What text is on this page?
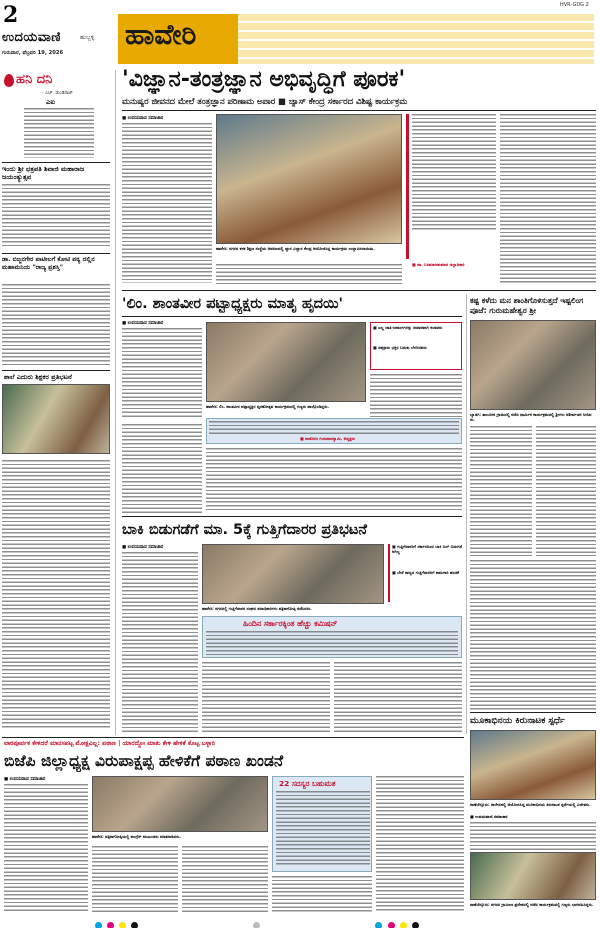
2
ಉದಯವಾಣಿ	ಹುಬ್ಬಳ್ಳಿ
ಗುರುವಾರ, ಫೆಬ್ರವರಿ 19, 2026
ಹಾವೇರಿ
HVR-GDG 2
ಹನಿ ದನಿ
- ಎಚ್. ಡುಂಡಿರಾಜ್
ಎಐ
ಇಂದು ಶ್ರೀ ಛತ್ರಪತಿ ಶಿವಾಜಿ ಮಹಾರಾಜ ಜಯಂತ್ಯುತ್ಸವ
ಡಾ. ಬಿಜ್ಜನಗೇರ ಪಾಟೀಲಗೆ ಕೋಟಿ ಪಠ್ಯ ದಲ್ಲಿನ ಮಹಾಮನಿಯ "ರಾಜ್ಯ ಪ್ರಶಸ್ತಿ"
ಶಾಲೆ ಎದುರು ಶಿಕ್ಷಕರ ಪ್ರತಿಭಟನೆ
'ವಿಜ್ಞಾನ-ತಂತ್ರಜ್ಞಾನ ಅಭಿವೃದ್ಧಿಗೆ ಪೂರಕ'
ಮನುಷ್ಯರ ಜೀವನದ ಮೇಲೆ ತಂತ್ರಜ್ಞಾನ ಪರಿಣಾಮ ಅಪಾರ ■ ಜ್ಯಾಸ್ ಕೇಂದ್ರ ಸರ್ಕಾರದ ವಿಶಿಷ್ಟ ಕಾರ್ಯಕ್ರಮ
■ ಉದಯವಾಣಿ ಸಮಾಚಾರ
ಹಾವೇರಿ: ನಗರದ ಕನಕ ಶಿಕ್ಷಣ ಸಂಸ್ಥೆಯ ಆವರಣದಲ್ಲಿ ಜ್ಞಾನ ವಿಜ್ಞಾನ ಕೇಂದ್ರ ಆಯೋಜಿಸಿದ್ದ ಕಾರ್ಯಕ್ರಮ ಉದ್ಘಾಟಿಸಲಾಯಿತು.
■ ಡಾ. ಬಸವರಾಜಕುಮಾರ ಜಿಲ್ಲಾಧಿಕಾರಿ
'ಲಿಂ. ಶಾಂತವೀರ ಪಟ್ಟಾಧ್ಯಕ್ಷರು ಮಾತೃ ಹೃದಯಿ'
■ ಉದಯವಾಣಿ ಸಮಾಚಾರ
ಹಾವೇರಿ: ಲಿಂ. ಶಾಂತವೀರ ಪಟ್ಟಾಧ್ಯಕ್ಷರ ಸ್ಮರಣೋತ್ಸವ ಕಾರ್ಯಕ್ರಮದಲ್ಲಿ ಗಣ್ಯರು ಪಾಲ್ಗೊಂಡಿದ್ದರು.
■ ಎಲ್ಲ ಜಾತಿ-ಜನಾಂಗಗಳನ್ನು ಸಮಾನವಾಗಿ ಕಂಡವರು
■ ಸಹಸ್ರಾರು ಭಕ್ತರ ಬದುಕು ಬೆಳಗಿದವರು
■ ನಾಡೋಜ ಗುರುಪಾದಸ್ವಾಮಿ, ಅಧ್ಯಕ್ಷರು
ಬಾಕಿ ಬಿಡುಗಡೆಗೆ ಮಾ. 5ಕ್ಕೆ ಗುತ್ತಿಗೆದಾರರ ಪ್ರತಿಭಟನೆ
■ ಉದಯವಾಣಿ ಸಮಾಚಾರ
ಹಾವೇರಿ: ನಗರದಲ್ಲಿ ಗುತ್ತಿಗೆದಾರರ ಸಂಘದ ಪದಾಧಿಕಾರಿಗಳು ಪತ್ರಿಕಾಗೋಷ್ಠಿ ನಡೆಸಿದರು.
■ ಗುತ್ತಿಗೆದಾರರಿಗೆ ಸರ್ಕಾರದಿಂದ ಬಾಕಿ ಬಿಲ್ ಬಿಡುಗಡೆ ಆಗಿಲ್ಲ
■ ಬೇರೆ ರಾಜ್ಯದ ಗುತ್ತಿಗೆದಾರರಿಗೆ ಕಾಮಗಾರಿ ಹಂಚಿಕೆ
ಹಿಂದಿನ ಸರ್ಕಾರಕ್ಕಿಂತ ಹೆಚ್ಚು ಕಮಿಷನ್
ಕಷ್ಟ ಕಳೆದು ಮನ ಶಾಂತಿಗೊಳಿಸುತ್ತದೆ ಇಷ್ಟಲಿಂಗ ಪೂಜೆ: ಗುರುಮಹೇಶ್ವರ ಶ್ರೀ
ಬ್ಯಾಡಗಿ: ತಾಲೂಕಿನ ಗ್ರಾಮದಲ್ಲಿ ನಡೆದ ಧಾರ್ಮಿಕ ಕಾರ್ಯಕ್ರಮದಲ್ಲಿ ಶ್ರೀಗಳು ಆಶೀರ್ವಚನ ನೀಡಿದರು.
ಮೂಕಾಭಿನಯ ಕಿರುನಾಟಕ ಸ್ಪರ್ಧೆ
ರಾಣೆಬೆನ್ನೂರು: ಕಾಲೇಜಿನಲ್ಲಿ ಆಯೋಜಿಸಿದ್ದ ಮೂಕಾಭಿನಯ ಕಿರುನಾಟಕ ಸ್ಪರ್ಧೆಯಲ್ಲಿ ವಿಜೇತರು.
■ ಉದಯವಾಣಿ ಸಮಾಚಾರ
ರಾಣೆಬೆನ್ನೂರು: ನಗರದ ಗ್ರಾಮೀಣ ಪ್ರದೇಶದಲ್ಲಿ ನಡೆದ ಕಾರ್ಯಕ್ರಮದಲ್ಲಿ ಗಣ್ಯರು ಭಾಗವಹಿಸಿದ್ದರು.
ವಾರಪೂರ್ವಕ ಕೇಳಿದರೆ ಮಾನಸಪಟ್ಟ ಮೋಕ್ಷವಿಲ್ಲ: ಪಠಾಣ | ಯಾರದ್ದೋ ಮಾತು ಕೇಳಿ ಹೇಳಿಕೆ ಕೊಟ್ಟ ಬಳ್ಳಾರಿ
ಬಿಜೆಪಿ ಜಿಲ್ಲಾಧ್ಯಕ್ಷ ವಿರುಪಾಕ್ಷಪ್ಪ ಹೇಳಿಕೆಗೆ ಪಠಾಣ ಖಂಡನೆ
■ ಉದಯವಾಣಿ ಸಮಾಚಾರ
ಹಾವೇರಿ: ಪತ್ರಿಕಾಗೋಷ್ಠಿಯಲ್ಲಿ ಕಾಂಗ್ರೆಸ್ ಮುಖಂಡರು ಮಾತನಾಡಿದರು.
22 ಸದಸ್ಯರ ಬಹುಮತ
